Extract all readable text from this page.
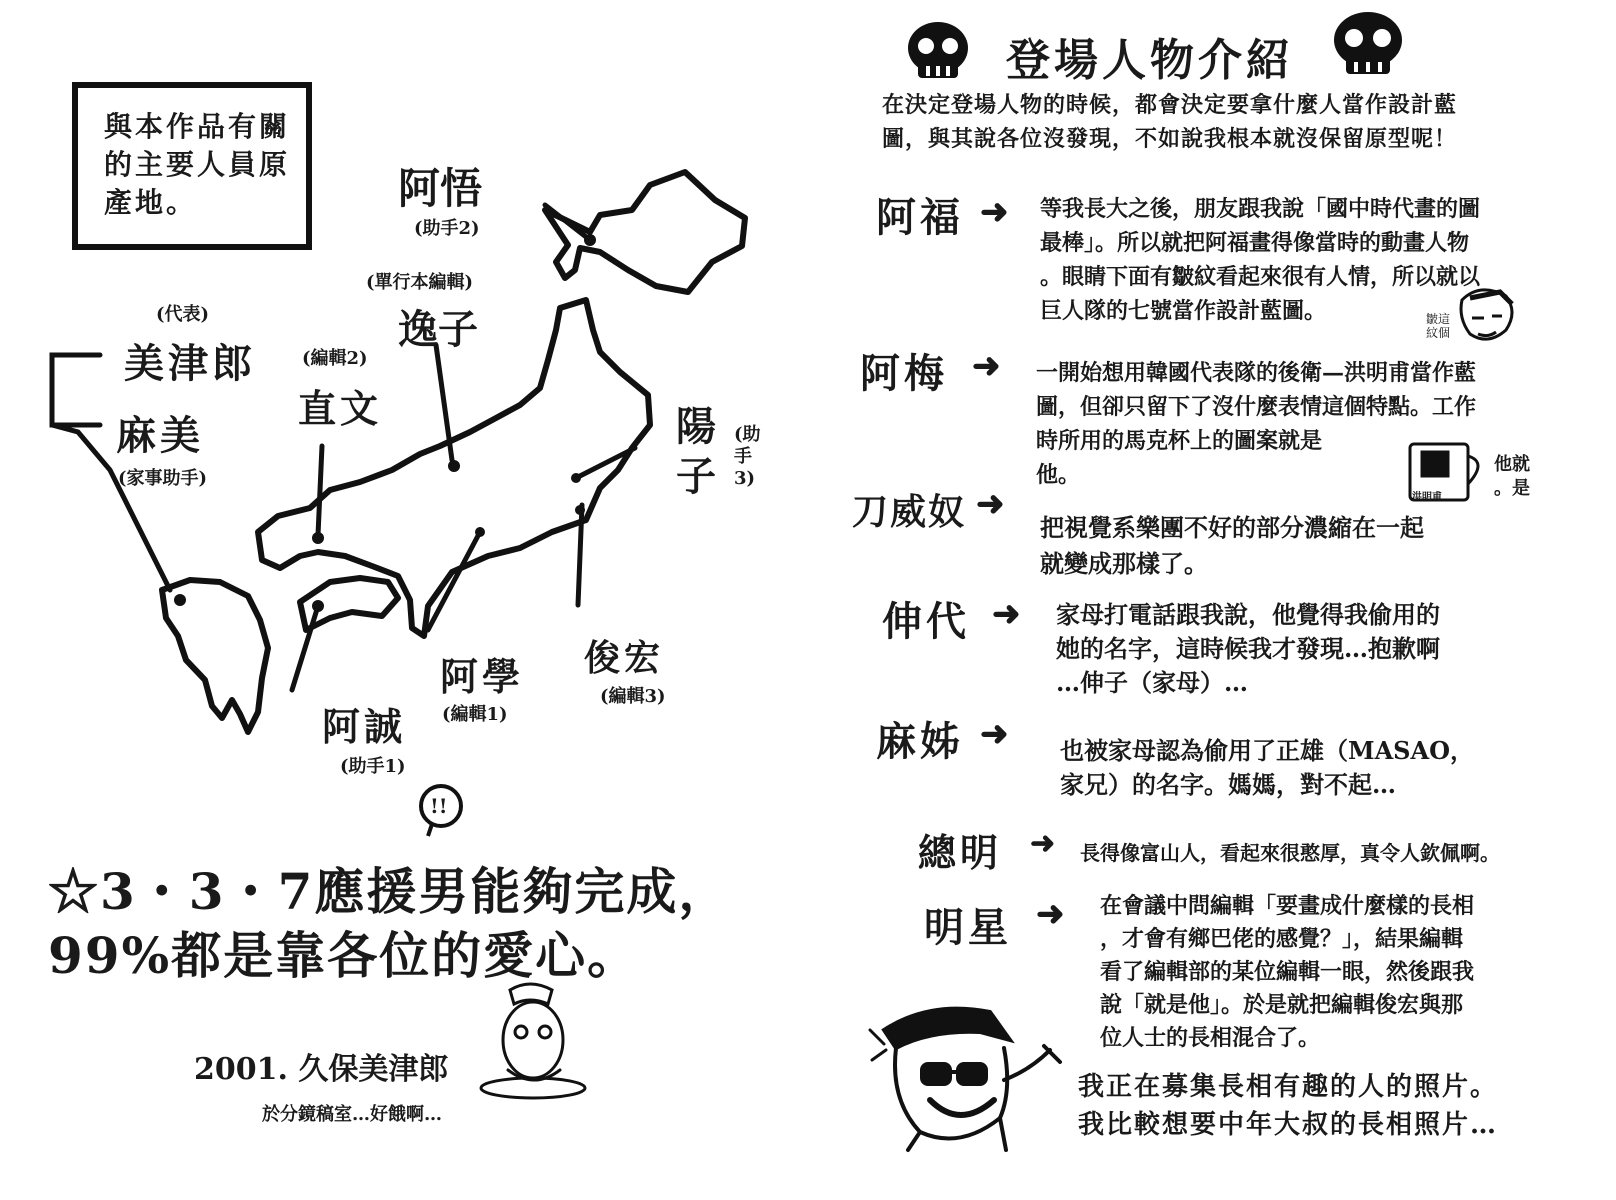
與本作品有關的主要人員原產地。	阿悟
(助手2)
(單行本編輯)
逸子
(代表)
美津郎	(編輯2)
直文
麻美
(家事助手)
陽子
(助手3)
俊宏
(編輯3)
阿學
(編輯1)
阿誠
(助手1)
!!
☆3・3・7應援男能夠完成，
99%都是靠各位的愛心。
2001. 久保美津郎
於分鏡稿室…好餓啊…
登場人物介紹
在決定登場人物的時候，都會決定要拿什麼人當作設計藍
圖，與其說各位沒發現，不如說我根本就沒保留原型呢！
阿福 ➜ 等我長大之後，朋友跟我說「國中時代畫的圖
最棒」。所以就把阿福畫得像當時的動畫人物
。眼睛下面有皺紋看起來很有人情，所以就以
巨人隊的七號當作設計藍圖。	皺這紋個
阿梅 ➜ 一開始想用韓國代表隊的後衛—洪明甫當作藍
圖，但卻只留下了沒什麼表情這個特點。工作
時所用的馬克杯上的圖案就是
他。
洪明甫
他就
。是
刀威奴 ➜
把視覺系樂團不好的部分濃縮在一起
就變成那樣了。
伸代 ➜ 家母打電話跟我說，他覺得我偷用的
她的名字，這時候我才發現…抱歉啊
…伸子（家母）…
麻姊 ➜ 也被家母認為偷用了正雄（MASAO，
家兄）的名字。媽媽，對不起…
總明 ➜ 長得像富山人，看起來很憨厚，真令人欽佩啊。
明星 ➜ 在會議中問編輯「要畫成什麼樣的長相
，才會有鄉巴佬的感覺？」，結果編輯
看了編輯部的某位編輯一眼，然後跟我
說「就是他」。於是就把編輯俊宏與那
位人士的長相混合了。
我正在募集長相有趣的人的照片。
我比較想要中年大叔的長相照片…
